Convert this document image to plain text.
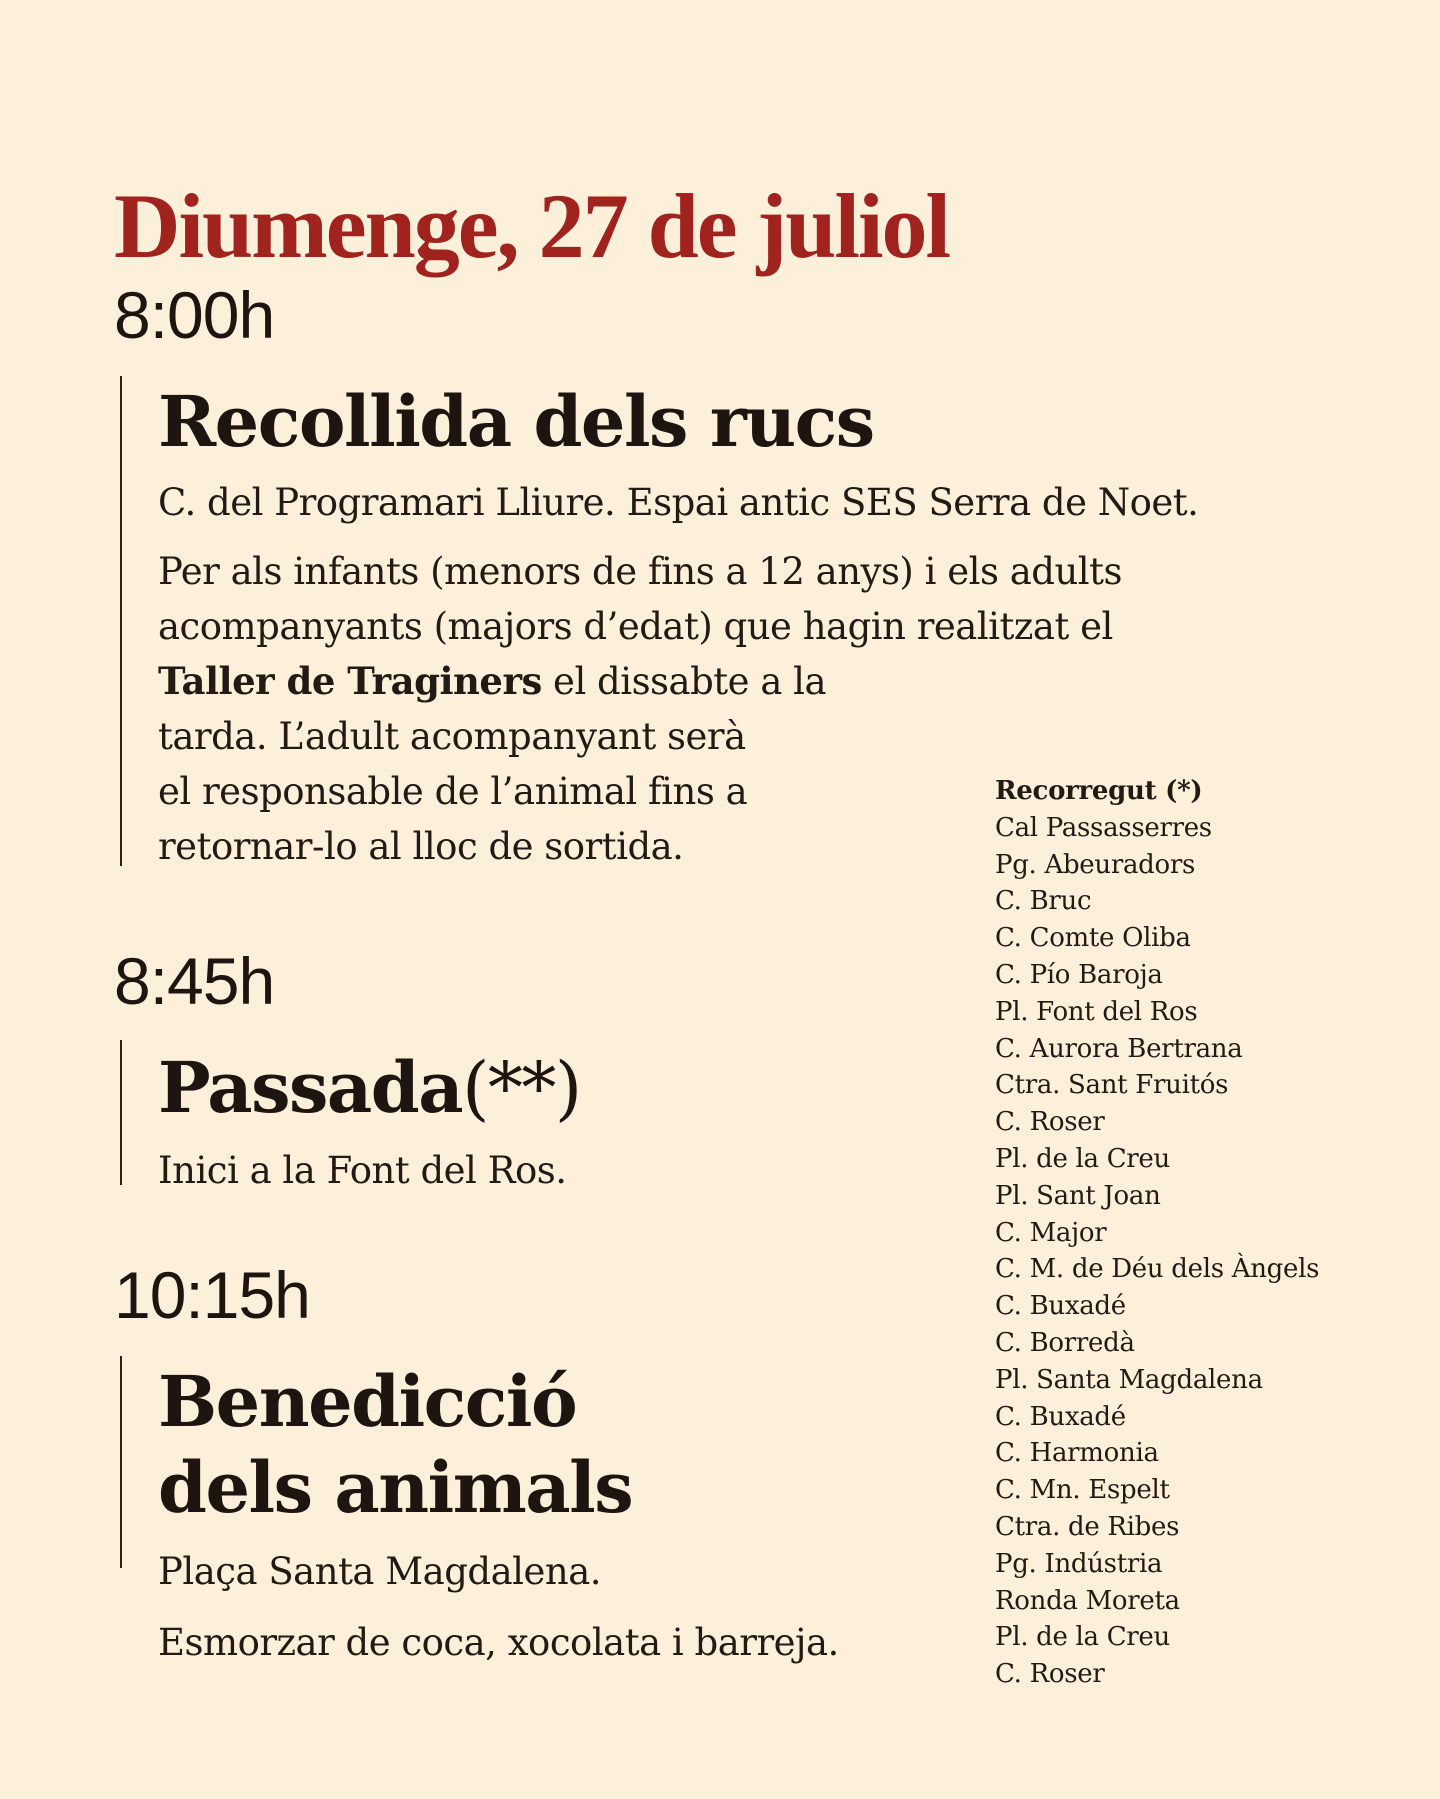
Diumenge, 27 de juliol
8:00h
Recollida dels rucs
C. del Programari Lliure. Espai antic SES Serra de Noet.
Per als infants (menors de fins a 12 anys) i els adults
acompanyants (majors d’edat) que hagin realitzat el
Taller de Traginers el dissabte a la
tarda. L’adult acompanyant serà
el responsable de l’animal fins a
retornar-lo al lloc de sortida.
8:45h
Passada(**)
Inici a la Font del Ros.
10:15h
Benedicció
dels animals
Plaça Santa Magdalena.
Esmorzar de coca, xocolata i barreja.
Recorregut (*)
Cal Passasserres
Pg. Abeuradors
C. Bruc
C. Comte Oliba
C. Pío Baroja
Pl. Font del Ros
C. Aurora Bertrana
Ctra. Sant Fruitós
C. Roser
Pl. de la Creu
Pl. Sant Joan
C. Major
C. M. de Déu dels Àngels
C. Buxadé
C. Borredà
Pl. Santa Magdalena
C. Buxadé
C. Harmonia
C. Mn. Espelt
Ctra. de Ribes
Pg. Indústria
Ronda Moreta
Pl. de la Creu
C. Roser
